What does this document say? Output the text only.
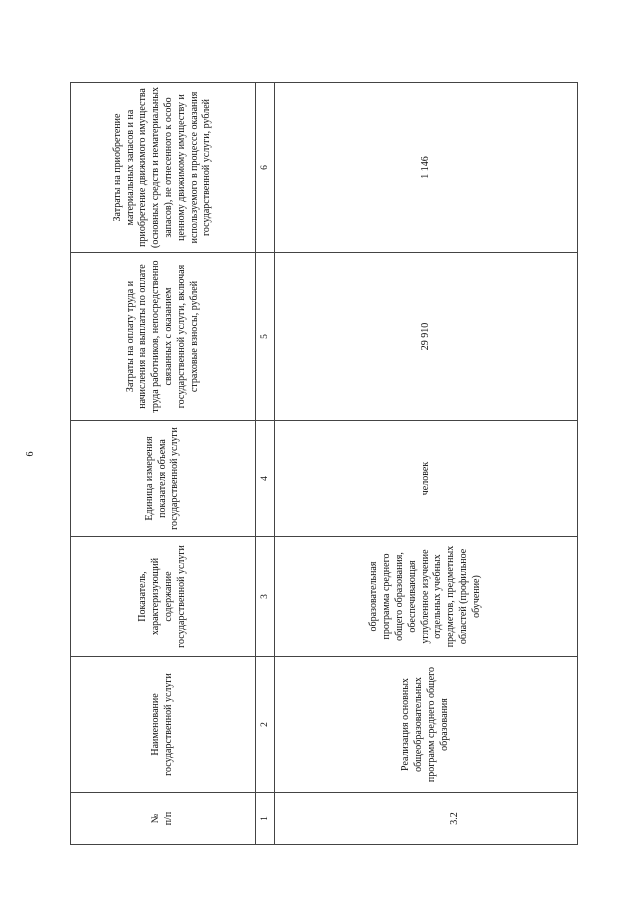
6
№
п/п	Наименование государственной услуги	Показатель, характеризующий содержание государственной услуги	Единица измерения показателя объема государственной услуги	Затраты на оплату труда и начисления на выплаты по оплате труда работников, непосредственно связанных с оказанием государственной услуги, включая страховые взносы, рублей	Затраты на приобретение материальных запасов и на приобретение движимого имущества (основных средств и нематериальных запасов), не отнесенного к особо ценному движимому имуществу и используемого в процессе оказания государственной услуги, рублей
1	2	3	4	5	6
3.2	Реализация основных общеобразовательных программ среднего общего образования	образовательная программа среднего общего образования, обеспечивающая углубленное изучение отдельных учебных предметов, предметных областей (профильное обучение)	человек	29 910	1 146
